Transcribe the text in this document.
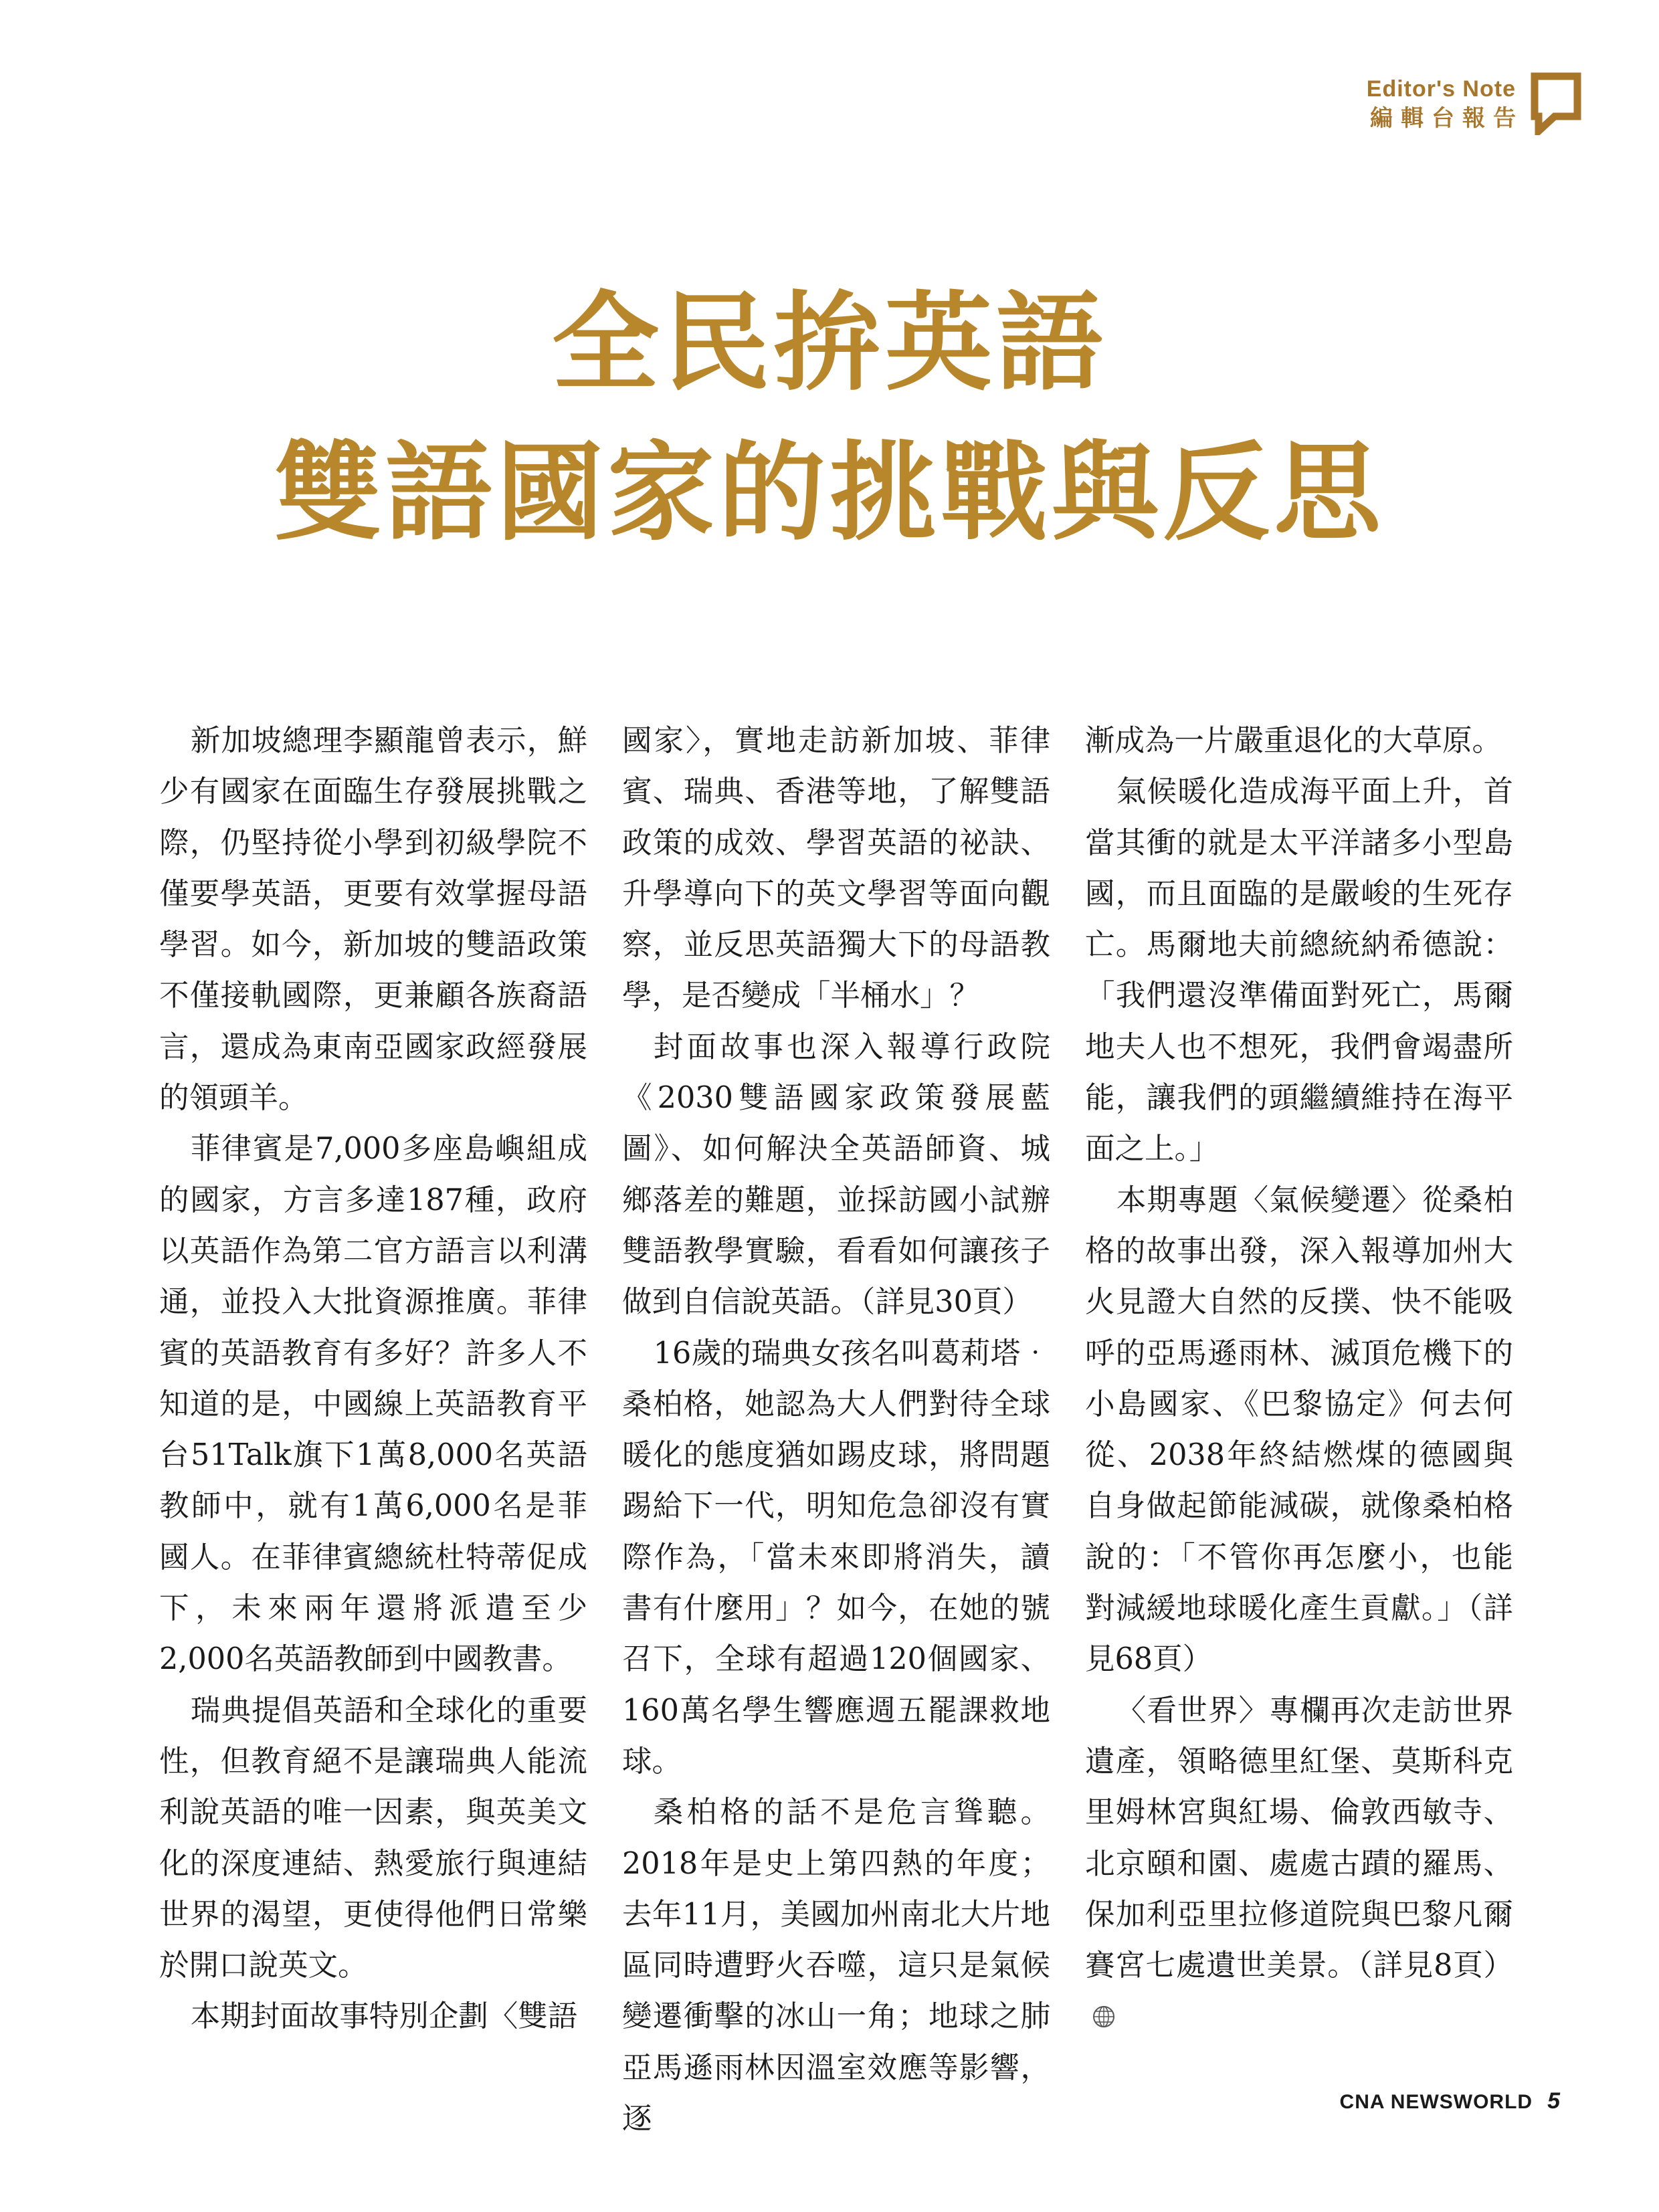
Editor's Note
編輯台報告
全民拚英語
雙語國家的挑戰與反思

新加坡總理李顯龍曾表示，鮮少有國家在面臨生存發展挑戰之際，仍堅持從小學到初級學院不僅要學英語，更要有效掌握母語學習。如今，新加坡的雙語政策不僅接軌國際，更兼顧各族裔語言，還成為東南亞國家政經發展的領頭羊。

菲律賓是7,000多座島嶼組成的國家，方言多達187種，政府以英語作為第二官方語言以利溝通，並投入大批資源推廣。菲律賓的英語教育有多好？許多人不知道的是，中國線上英語教育平台51Talk旗下1萬8,000名英語教師中，就有1萬6,000名是菲國人。在菲律賓總統杜特蒂促成下，未來兩年還將派遣至少2,000名英語教師到中國教書。

瑞典提倡英語和全球化的重要性，但教育絕不是讓瑞典人能流利說英語的唯一因素，與英美文化的深度連結、熱愛旅行與連結世界的渴望，更使得他們日常樂於開口說英文。

本期封面故事特別企劃〈雙語

國家〉，實地走訪新加坡、菲律賓、瑞典、香港等地，了解雙語政策的成效、學習英語的祕訣、升學導向下的英文學習等面向觀察，並反思英語獨大下的母語教學，是否變成「半桶水」？

封面故事也深入報導行政院《2030雙語國家政策發展藍圖》、如何解決全英語師資、城鄉落差的難題，並採訪國小試辦雙語教學實驗，看看如何讓孩子做到自信說英語。（詳見30頁）

16歲的瑞典女孩名叫葛莉塔‧桑柏格，她認為大人們對待全球暖化的態度猶如踢皮球，將問題踢給下一代，明知危急卻沒有實際作為，「當未來即將消失，讀書有什麼用」？如今，在她的號召下，全球有超過120個國家、160萬名學生響應週五罷課救地球。

桑柏格的話不是危言聳聽。2018年是史上第四熱的年度；去年11月，美國加州南北大片地區同時遭野火吞噬，這只是氣候變遷衝擊的冰山一角；地球之肺亞馬遜雨林因溫室效應等影響，逐

漸成為一片嚴重退化的大草原。

氣候暖化造成海平面上升，首當其衝的就是太平洋諸多小型島國，而且面臨的是嚴峻的生死存亡。馬爾地夫前總統納希德說：「我們還沒準備面對死亡，馬爾地夫人也不想死，我們會竭盡所能，讓我們的頭繼續維持在海平面之上。」

本期專題〈氣候變遷〉從桑柏格的故事出發，深入報導加州大火見證大自然的反撲、快不能吸呼的亞馬遜雨林、滅頂危機下的小島國家、《巴黎協定》何去何從、2038年終結燃煤的德國與自身做起節能減碳，就像桑柏格說的：「不管你再怎麼小，也能對減緩地球暖化產生貢獻。」（詳見68頁）

〈看世界〉專欄再次走訪世界遺產，領略德里紅堡、莫斯科克里姆林宮與紅場、倫敦西敏寺、北京頤和園、處處古蹟的羅馬、保加利亞里拉修道院與巴黎凡爾賽宮七處遺世美景。（詳見8頁）

CNA NEWSWORLD 5
